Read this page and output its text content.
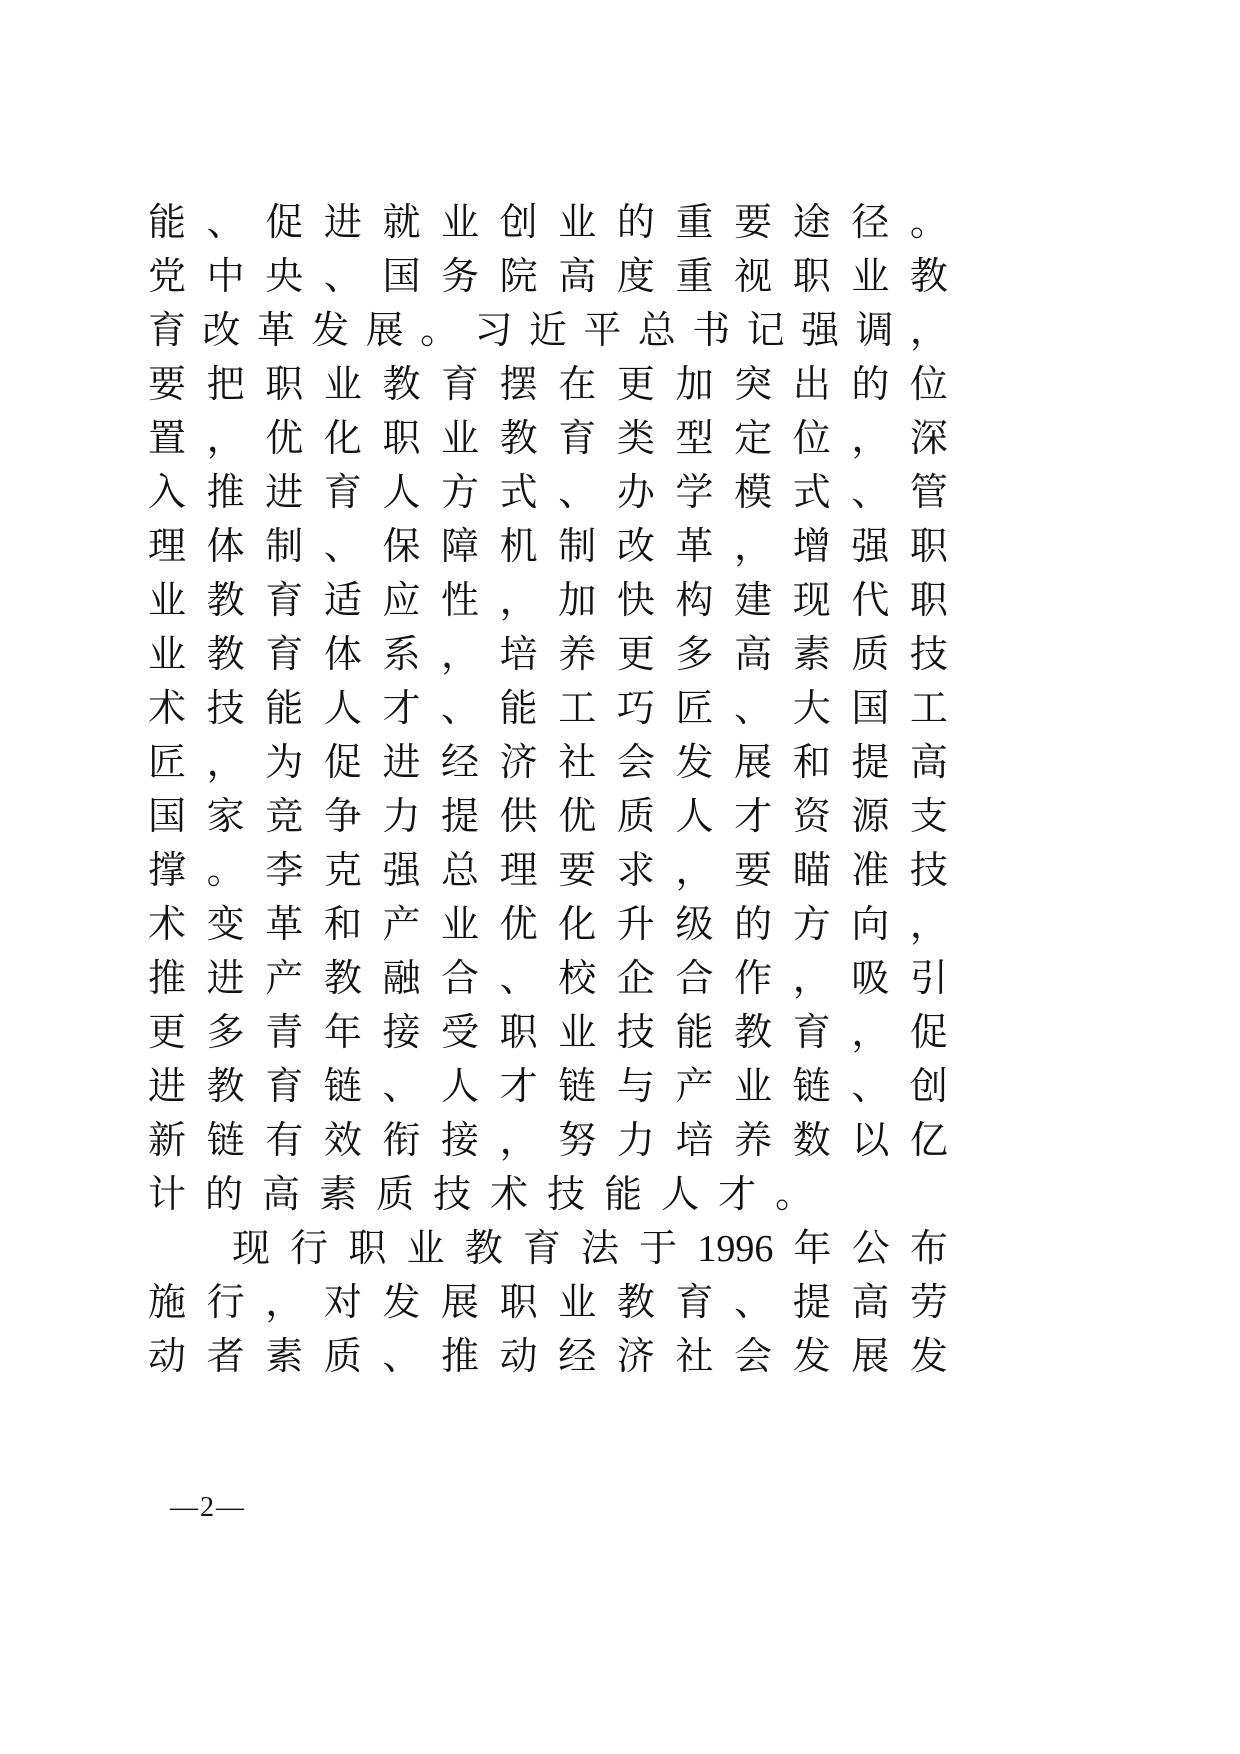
能 、 促 进 就 业 创 业 的 重 要 途 径 。
党 中 央 、 国 务 院 高 度 重 视 职 业 教
育 改 革 发 展 。 习 近 平 总 书 记 强 调 ，
要 把 职 业 教 育 摆 在 更 加 突 出 的 位
置 ， 优 化 职 业 教 育 类 型 定 位 ， 深
入 推 进 育 人 方 式 、 办 学 模 式 、 管
理 体 制 、 保 障 机 制 改 革 ， 增 强 职
业 教 育 适 应 性 ， 加 快 构 建 现 代 职
业 教 育 体 系 ， 培 养 更 多 高 素 质 技
术 技 能 人 才 、 能 工 巧 匠 、 大 国 工
匠 ， 为 促 进 经 济 社 会 发 展 和 提 高
国 家 竞 争 力 提 供 优 质 人 才 资 源 支
撑 。 李 克 强 总 理 要 求 ， 要 瞄 准 技
术 变 革 和 产 业 优 化 升 级 的 方 向 ，
推 进 产 教 融 合 、 校 企 合 作 ， 吸 引
更 多 青 年 接 受 职 业 技 能 教 育 ， 促
进 教 育 链 、 人 才 链 与 产 业 链 、 创
新 链 有 效 衔 接 ， 努 力 培 养 数 以 亿
计 的 高 素 质 技 术 技 能 人 才 。
现 行 职 业 教 育 法 于 1996 年 公 布
施 行 ， 对 发 展 职 业 教 育 、 提 高 劳
动 者 素 质 、 推 动 经 济 社 会 发 展 发
—2—
